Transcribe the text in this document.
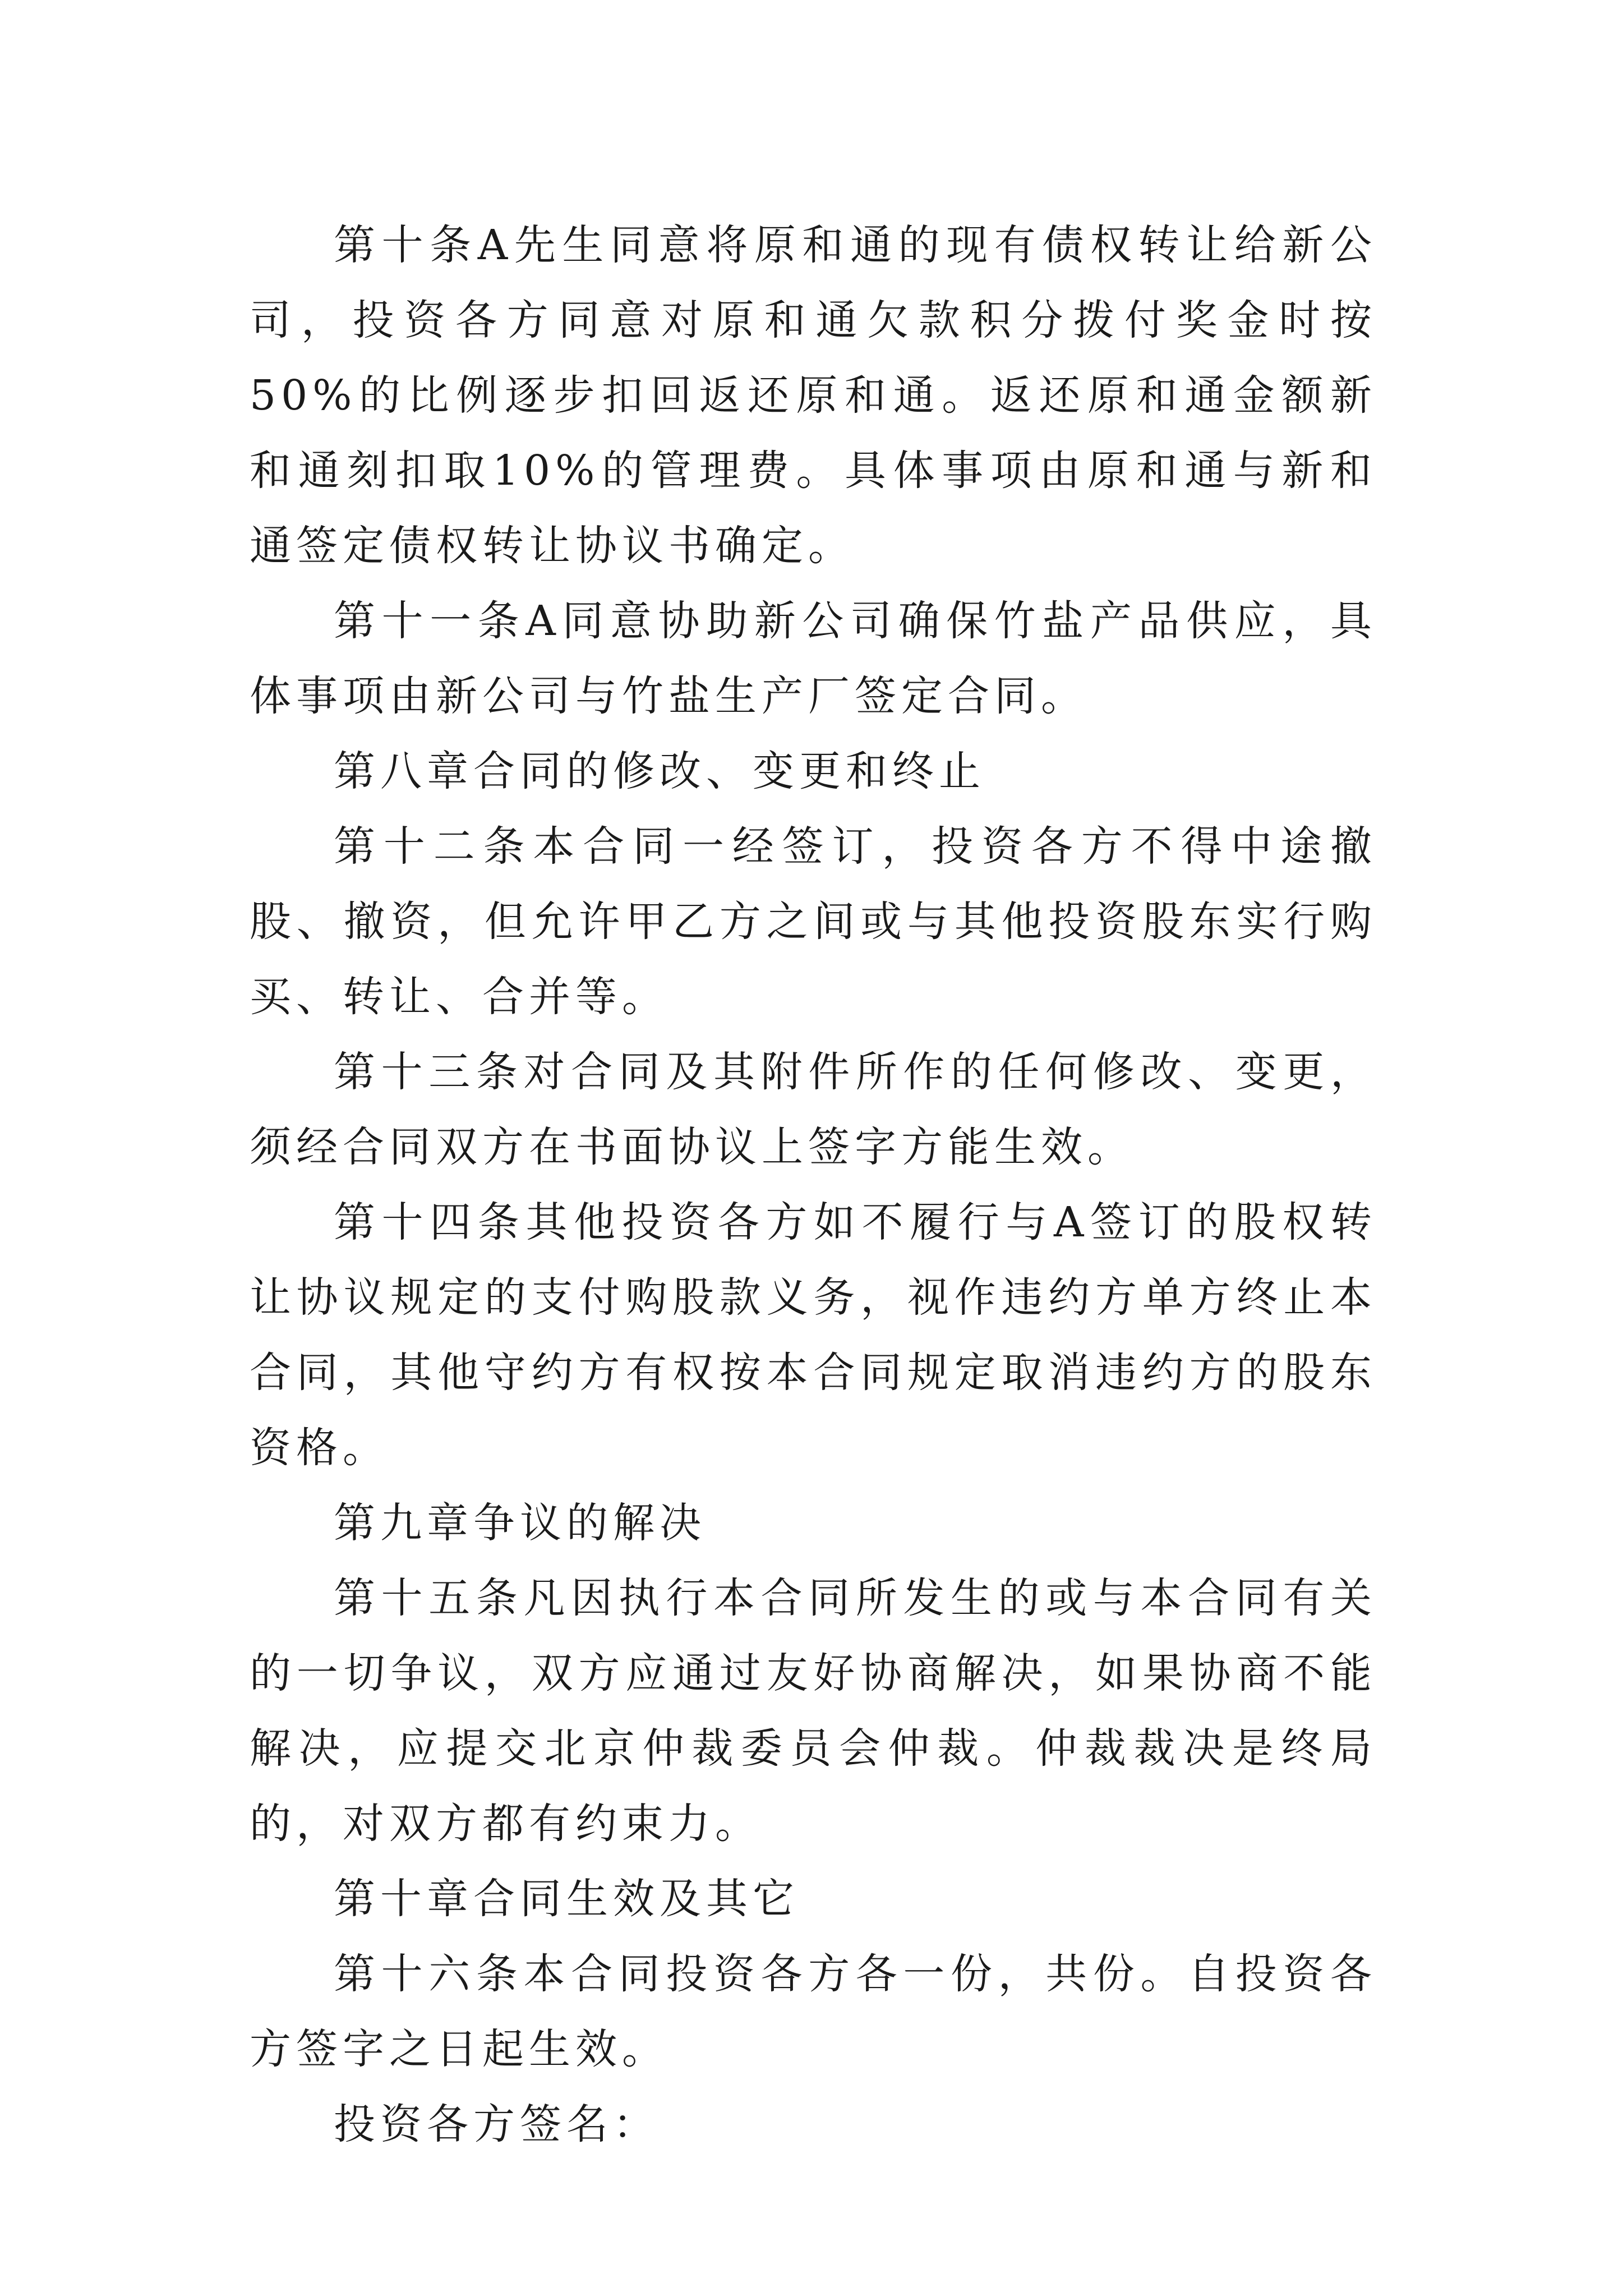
第十条A先生同意将原和通的现有债权转让给新公司，投资各方同意对原和通欠款积分拨付奖金时按50%的比例逐步扣回返还原和通。返还原和通金额新和通刻扣取10%的管理费。具体事项由原和通与新和通签定债权转让协议书确定。

第十一条A同意协助新公司确保竹盐产品供应，具体事项由新公司与竹盐生产厂签定合同。

第八章合同的修改、变更和终止

第十二条本合同一经签订，投资各方不得中途撤股、撤资，但允许甲乙方之间或与其他投资股东实行购买、转让、合并等。

第十三条对合同及其附件所作的任何修改、变更，须经合同双方在书面协议上签字方能生效。

第十四条其他投资各方如不履行与A签订的股权转让协议规定的支付购股款义务，视作违约方单方终止本合同，其他守约方有权按本合同规定取消违约方的股东资格。

第九章争议的解决

第十五条凡因执行本合同所发生的或与本合同有关的一切争议，双方应通过友好协商解决，如果协商不能解决，应提交北京仲裁委员会仲裁。仲裁裁决是终局的，对双方都有约束力。

第十章合同生效及其它

第十六条本合同投资各方各一份，共份。自投资各方签字之日起生效。

投资各方签名：
